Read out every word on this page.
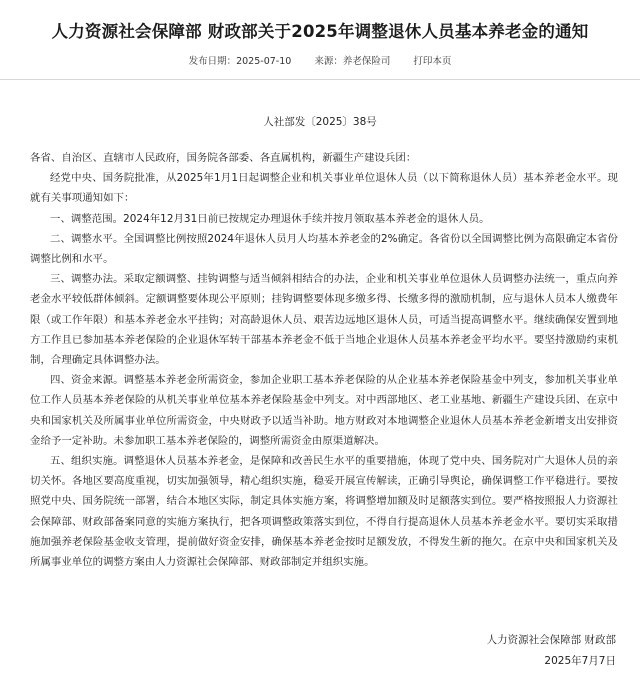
人力资源社会保障部 财政部关于2025年调整退休人员基本养老金的通知
发布日期：2025-07-10 来源：养老保险司 打印本页
人社部发〔2025〕38号

各省、自治区、直辖市人民政府，国务院各部委、各直属机构，新疆生产建设兵团：

经党中央、国务院批准，从2025年1月1日起调整企业和机关事业单位退休人员（以下简称退休人员）基本养老金水平。现就有关事项通知如下：

一、调整范围。2024年12月31日前已按规定办理退休手续并按月领取基本养老金的退休人员。

二、调整水平。全国调整比例按照2024年退休人员月人均基本养老金的2%确定。各省份以全国调整比例为高限确定本省份调整比例和水平。

三、调整办法。采取定额调整、挂钩调整与适当倾斜相结合的办法，企业和机关事业单位退休人员调整办法统一，重点向养老金水平较低群体倾斜。定额调整要体现公平原则；挂钩调整要体现多缴多得、长缴多得的激励机制，应与退休人员本人缴费年限（或工作年限）和基本养老金水平挂钩；对高龄退休人员、艰苦边远地区退休人员，可适当提高调整水平。继续确保安置到地方工作且已参加基本养老保险的企业退休军转干部基本养老金不低于当地企业退休人员基本养老金平均水平。要坚持激励约束机制，合理确定具体调整办法。

四、资金来源。调整基本养老金所需资金，参加企业职工基本养老保险的从企业基本养老保险基金中列支，参加机关事业单位工作人员基本养老保险的从机关事业单位基本养老保险基金中列支。对中西部地区、老工业基地、新疆生产建设兵团、在京中央和国家机关及所属事业单位所需资金，中央财政予以适当补助。地方财政对本地调整企业退休人员基本养老金新增支出安排资金给予一定补助。未参加职工基本养老保险的，调整所需资金由原渠道解决。

五、组织实施。调整退休人员基本养老金，是保障和改善民生水平的重要措施，体现了党中央、国务院对广大退休人员的亲切关怀。各地区要高度重视，切实加强领导，精心组织实施，稳妥开展宣传解读，正确引导舆论，确保调整工作平稳进行。要按照党中央、国务院统一部署，结合本地区实际，制定具体实施方案，将调整增加额及时足额落实到位。要严格按照报人力资源社会保障部、财政部备案同意的实施方案执行，把各项调整政策落实到位，不得自行提高退休人员基本养老金水平。要切实采取措施加强养老保险基金收支管理，提前做好资金安排，确保基本养老金按时足额发放，不得发生新的拖欠。在京中央和国家机关及所属事业单位的调整方案由人力资源社会保障部、财政部制定并组织实施。

人力资源社会保障部 财政部
2025年7月7日
